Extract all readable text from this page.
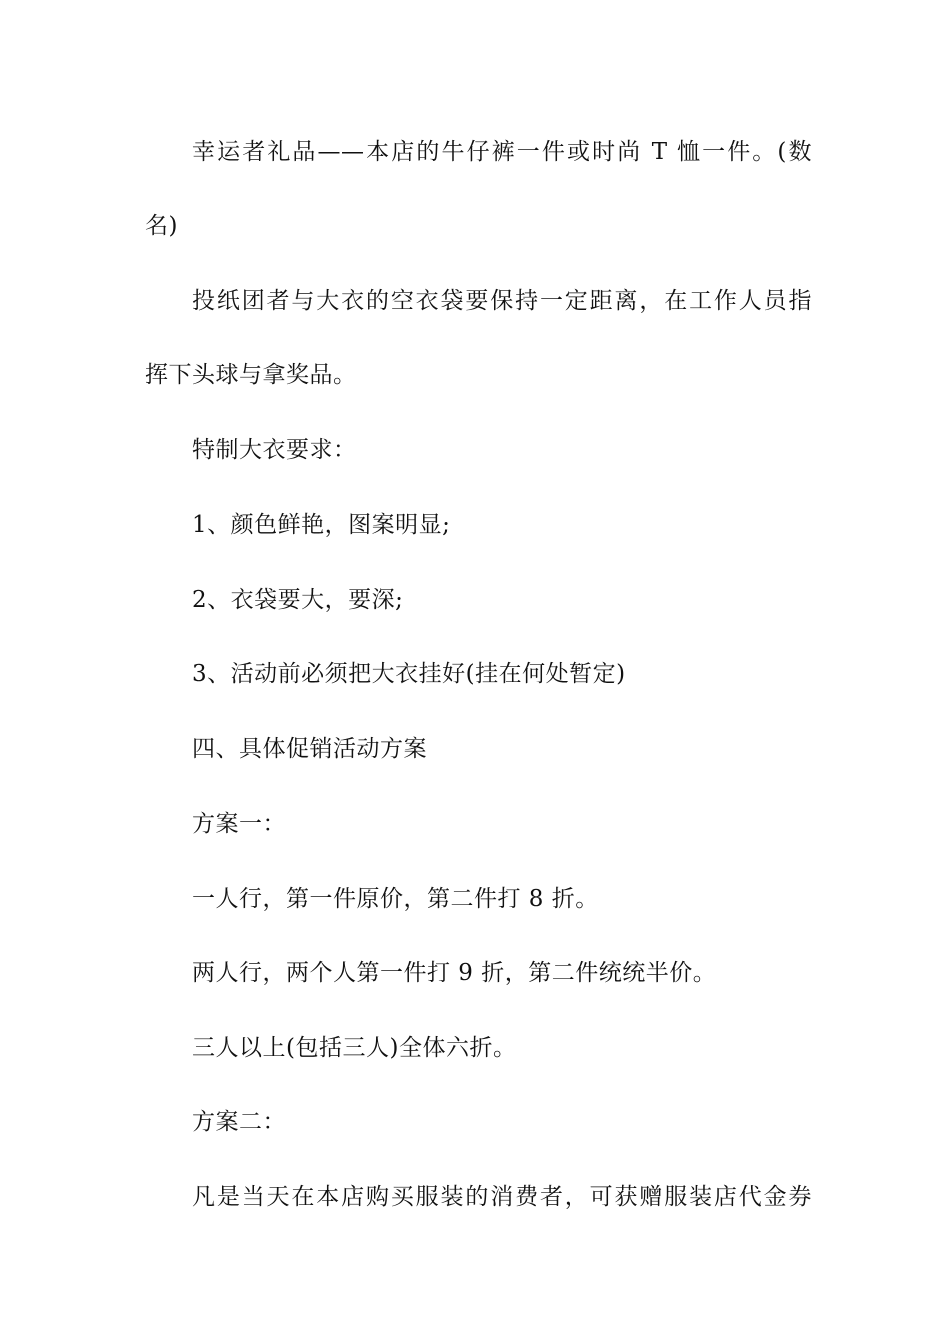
幸运者礼品——本店的牛仔裤一件或时尚 T 恤一件。(数
名)
投纸团者与大衣的空衣袋要保持一定距离，在工作人员指
挥下头球与拿奖品。
特制大衣要求：
1、颜色鲜艳，图案明显;
2、衣袋要大，要深;
3、活动前必须把大衣挂好(挂在何处暂定)
四、具体促销活动方案
方案一：
一人行，第一件原价，第二件打 8 折。
两人行，两个人第一件打 9 折，第二件统统半价。
三人以上(包括三人)全体六折。
方案二：
凡是当天在本店购买服装的消费者，可获赠服装店代金券
